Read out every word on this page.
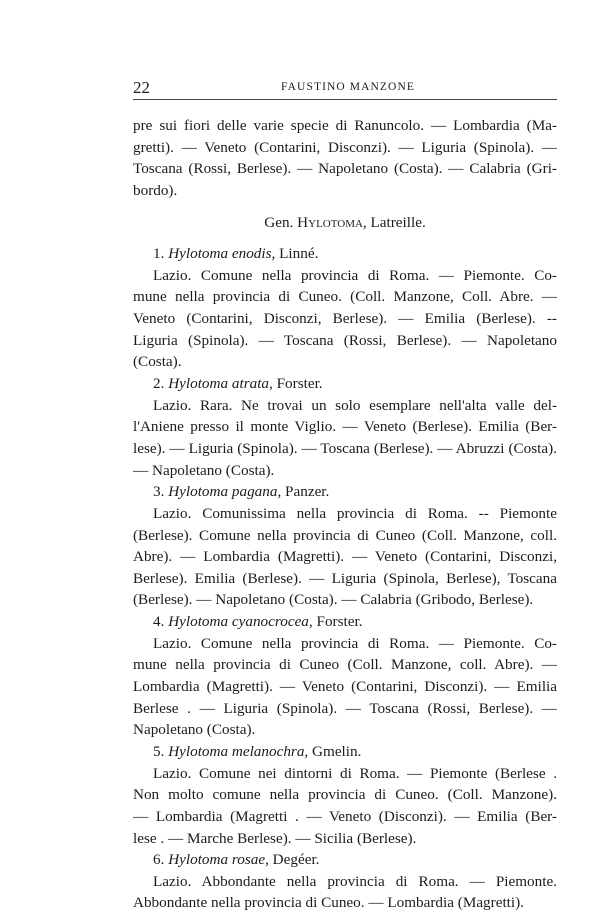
22	FAUSTINO MANZONE
pre sui fiori delle varie specie di Ranuncolo. — Lombardia (Ma-
gretti). — Veneto (Contarini, Disconzi). — Liguria (Spinola). —
Toscana (Rossi, Berlese). — Napoletano (Costa). — Calabria (Gri-
bordo).
Gen. Hylotoma, Latreille.
1. Hylotoma enodis, Linné.
Lazio. Comune nella provincia di Roma. — Piemonte. Co-
mune nella provincia di Cuneo. (Coll. Manzone, Coll. Abre. —
Veneto (Contarini, Disconzi, Berlese). — Emilia (Berlese). --
Liguria (Spinola). — Toscana (Rossi, Berlese). — Napoletano
(Costa).
2. Hylotoma atrata, Forster.
Lazio. Rara. Ne trovai un solo esemplare nell'alta valle del-
l'Aniene presso il monte Viglio. — Veneto (Berlese). Emilia (Ber-
lese). — Liguria (Spinola). — Toscana (Berlese). — Abruzzi (Costa).
— Napoletano (Costa).
3. Hylotoma pagana, Panzer.
Lazio. Comunissima nella provincia di Roma. -- Piemonte
(Berlese). Comune nella provincia di Cuneo (Coll. Manzone, coll.
Abre). — Lombardia (Magretti). — Veneto (Contarini, Disconzi,
Berlese). Emilia (Berlese). — Liguria (Spinola, Berlese), Toscana
(Berlese). — Napoletano (Costa). — Calabria (Gribodo, Berlese).
4. Hylotoma cyanocrocea, Forster.
Lazio. Comune nella provincia di Roma. — Piemonte. Co-
mune nella provincia di Cuneo (Coll. Manzone, coll. Abre). —
Lombardia (Magretti). — Veneto (Contarini, Disconzi). — Emilia
Berlese . — Liguria (Spinola). — Toscana (Rossi, Berlese). —
Napoletano (Costa).
5. Hylotoma melanochra, Gmelin.
Lazio. Comune nei dintorni di Roma. — Piemonte (Berlese .
Non molto comune nella provincia di Cuneo. (Coll. Manzone).
— Lombardia (Magretti . — Veneto (Disconzi). — Emilia (Ber-
lese . — Marche Berlese). — Sicilia (Berlese).
6. Hylotoma rosae, Degéer.
Lazio. Abbondante nella provincia di Roma. — Piemonte.
Abbondante nella provincia di Cuneo. — Lombardia (Magretti).
